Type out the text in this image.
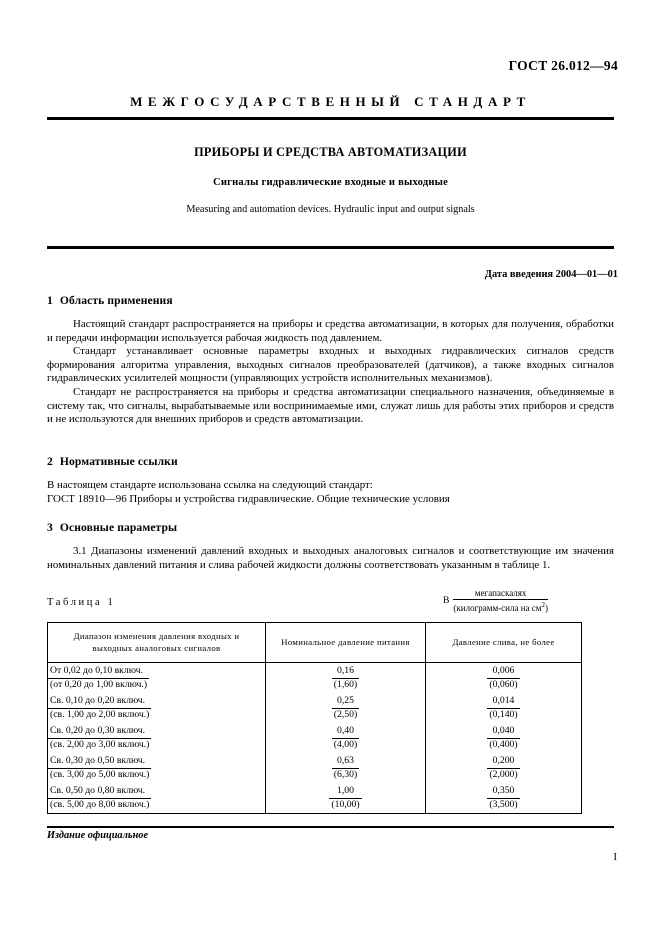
ГОСТ 26.012—94
МЕЖГОСУДАРСТВЕННЫЙ СТАНДАРТ
ПРИБОРЫ И СРЕДСТВА АВТОМАТИЗАЦИИ
Сигналы гидравлические входные и выходные
Measuring and automation devices. Hydraulic input and output signals
Дата введения 2004—01—01
1 Область применения

Настоящий стандарт распространяется на приборы и средства автоматизации, в которых для получения, обработки и передачи информации используется рабочая жидкость под давлением.

Стандарт устанавливает основные параметры входных и выходных гидравлических сигналов средств формирования алгоритма управления, выходных сигналов преобразователей (датчиков), а также входных сигналов гидравлических усилителей мощности (управляющих устройств исполнительных механизмов).

Стандарт не распространяется на приборы и средства автоматизации специального назначения, объединяемые в систему так, что сигналы, вырабатываемые или воспринимаемые ими, служат лишь для работы этих приборов и средств и не используются для внешних приборов и средств автоматизации.

2 Нормативные ссылки

В настоящем стандарте использована ссылка на следующий стандарт:

ГОСТ 18910—96 Приборы и устройства гидравлические. Общие технические условия

3 Основные параметры

3.1 Диапазоны изменений давлений входных и выходных аналоговых сигналов и соответствующие им значения номинальных давлений питания и слива рабочей жидкости должны соответствовать указанным в таблице 1.

Таблица 1	В $\frac{\text{мегапаскалях}}{(килограмм-сила на см^2)}$
Диапазон изменения давления входных и выходных аналоговых сигналов	Номинальное давление питания	Давление слива, не более

$\frac{\text{От 0,02 до 0,10 включ.}}{\text{(от 0,20 до 1,00 включ.)}}$	$\frac{0,16}{(1,60)}$	$\frac{0,006}{(0,060)}$

$\frac{\text{Св. 0,10 до 0,20 включ.}}{\text{(св. 1,00 до 2,00 включ.)}}$	$\frac{0,25}{(2,50)}$	$\frac{0,014}{(0,140)}$

$\frac{\text{Св. 0,20 до 0,30 включ.}}{\text{(св. 2,00 до 3,00 включ.)}}$	$\frac{0,40}{(4,00)}$	$\frac{0,040}{(0,400)}$

$\frac{\text{Св. 0,30 до 0,50 включ.}}{\text{(св. 3,00 до 5,00 включ.)}}$	$\frac{0,63}{(6,30)}$	$\frac{0,200}{(2,000)}$

$\frac{\text{Св. 0,50 до 0,80 включ.}}{\text{(св. 5,00 до 8,00 включ.)}}$	$\frac{1,00}{(10,00)}$	$\frac{0,350}{(3,500)}$
Издание официальное
I
